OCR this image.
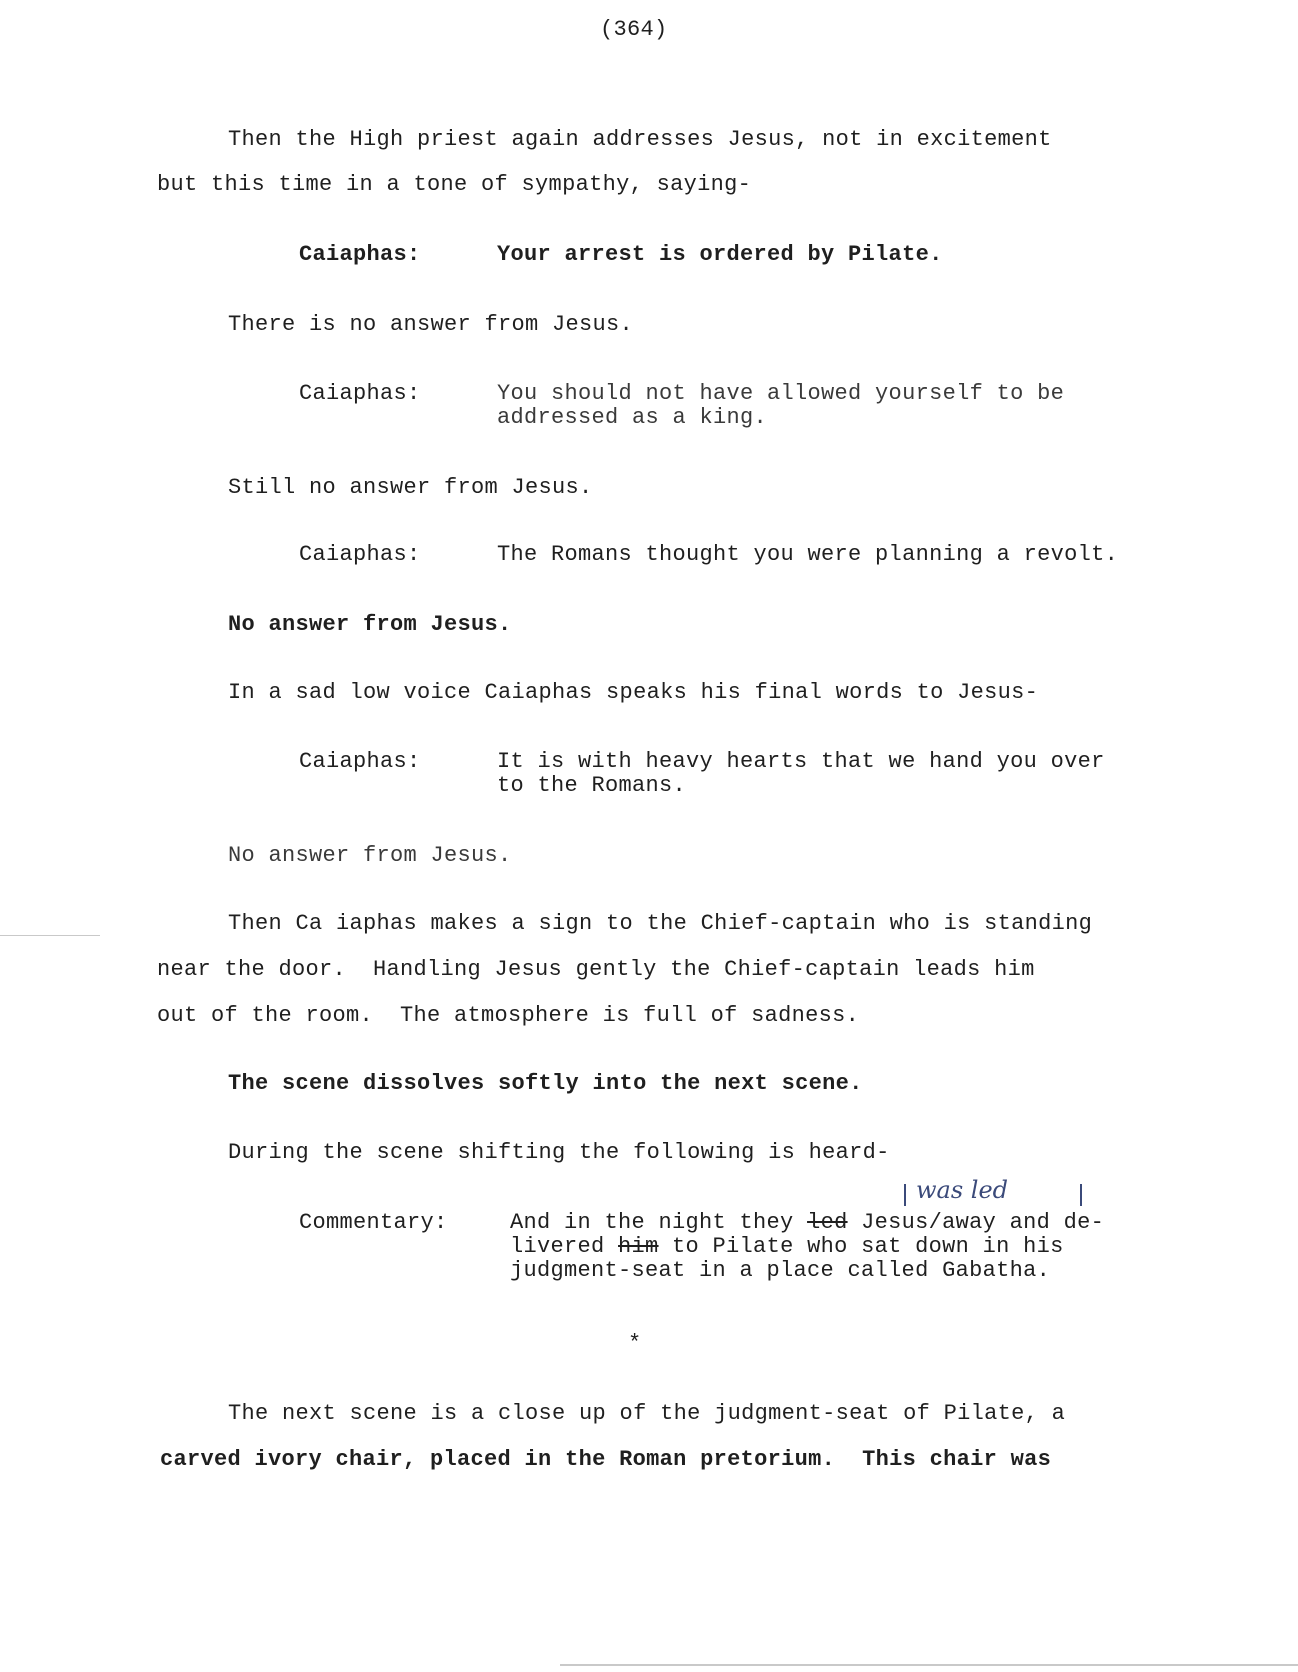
(364)
Then the High priest again addresses Jesus, not in excitement
but this time in a tone of sympathy, saying-
Caiaphas:	Your arrest is ordered by Pilate.
There is no answer from Jesus.
Caiaphas:	You should not have allowed yourself to be
addressed as a king.
Still no answer from Jesus.
Caiaphas:	The Romans thought you were planning a revolt.
No answer from Jesus.
In a sad low voice Caiaphas speaks his final words to Jesus-
Caiaphas:	It is with heavy hearts that we hand you over
to the Romans.
No answer from Jesus.
Then Ca iaphas makes a sign to the Chief-captain who is standing
near the door.  Handling Jesus gently the Chief-captain leads him
out of the room.  The atmosphere is full of sadness.
The scene dissolves softly into the next scene.
During the scene shifting the following is heard-
was led
Commentary:	And in the night they led Jesus/away and de-
livered him to Pilate who sat down in his
judgment-seat in a place called Gabatha.
*
The next scene is a close up of the judgment-seat of Pilate, a
carved ivory chair, placed in the Roman pretorium.  This chair was
